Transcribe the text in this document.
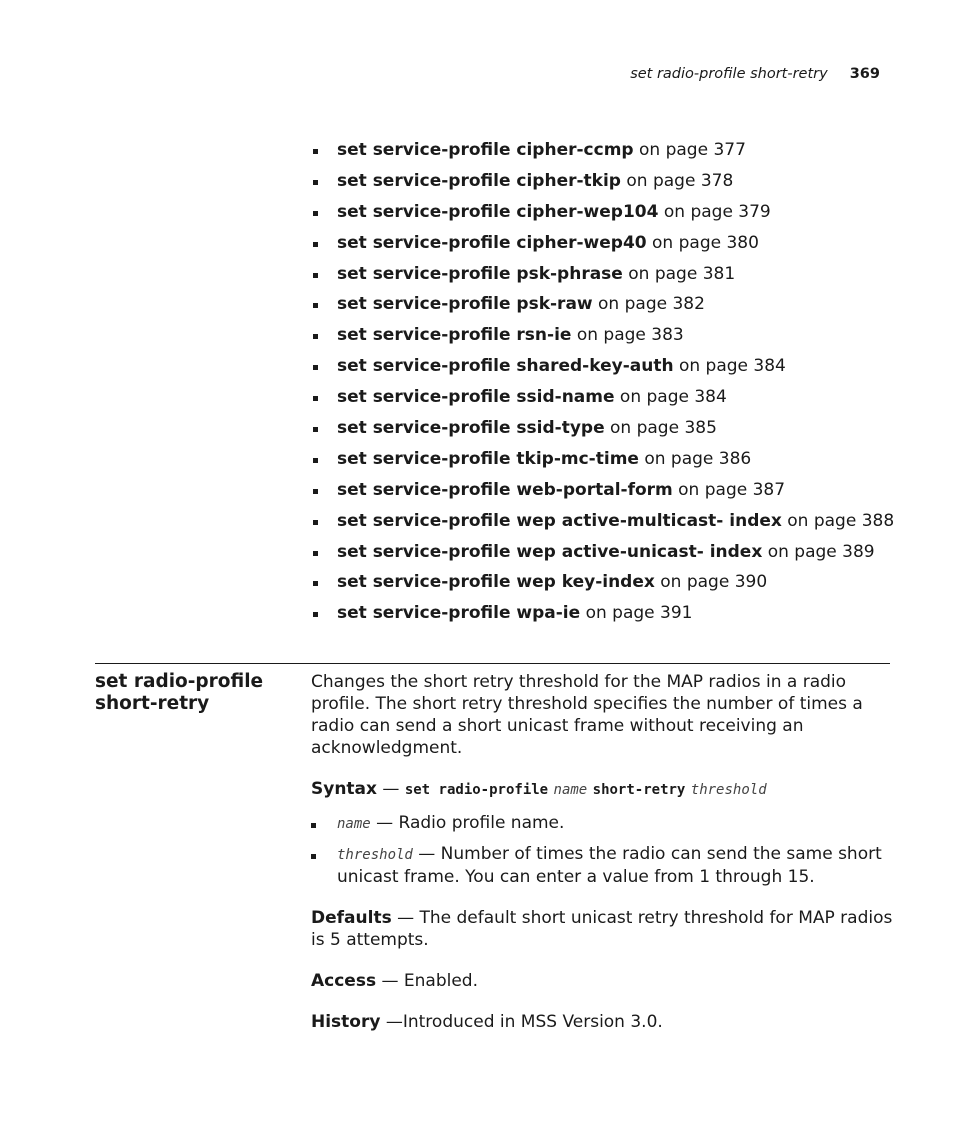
set radio-profile short-retry 369
set service-profile cipher-ccmp on page 377
set service-profile cipher-tkip on page 378
set service-profile cipher-wep104 on page 379
set service-profile cipher-wep40 on page 380
set service-profile psk-phrase on page 381
set service-profile psk-raw on page 382
set service-profile rsn-ie on page 383
set service-profile shared-key-auth on page 384
set service-profile ssid-name on page 384
set service-profile ssid-type on page 385
set service-profile tkip-mc-time on page 386
set service-profile web-portal-form on page 387
set service-profile wep active-multicast- index on page 388
set service-profile wep active-unicast- index on page 389
set service-profile wep key-index on page 390
set service-profile wpa-ie on page 391
set radio-profile
short-retry

Changes the short retry threshold for the MAP radios in a radio profile. The short retry threshold specifies the number of times a radio can send a short unicast frame without receiving an acknowledgment.

Syntax — set radio-profile name short-retry threshold

name — Radio profile name.
threshold — Number of times the radio can send the same short unicast frame. You can enter a value from 1 through 15.

Defaults — The default short unicast retry threshold for MAP radios is 5 attempts.

Access — Enabled.

History —Introduced in MSS Version 3.0.
